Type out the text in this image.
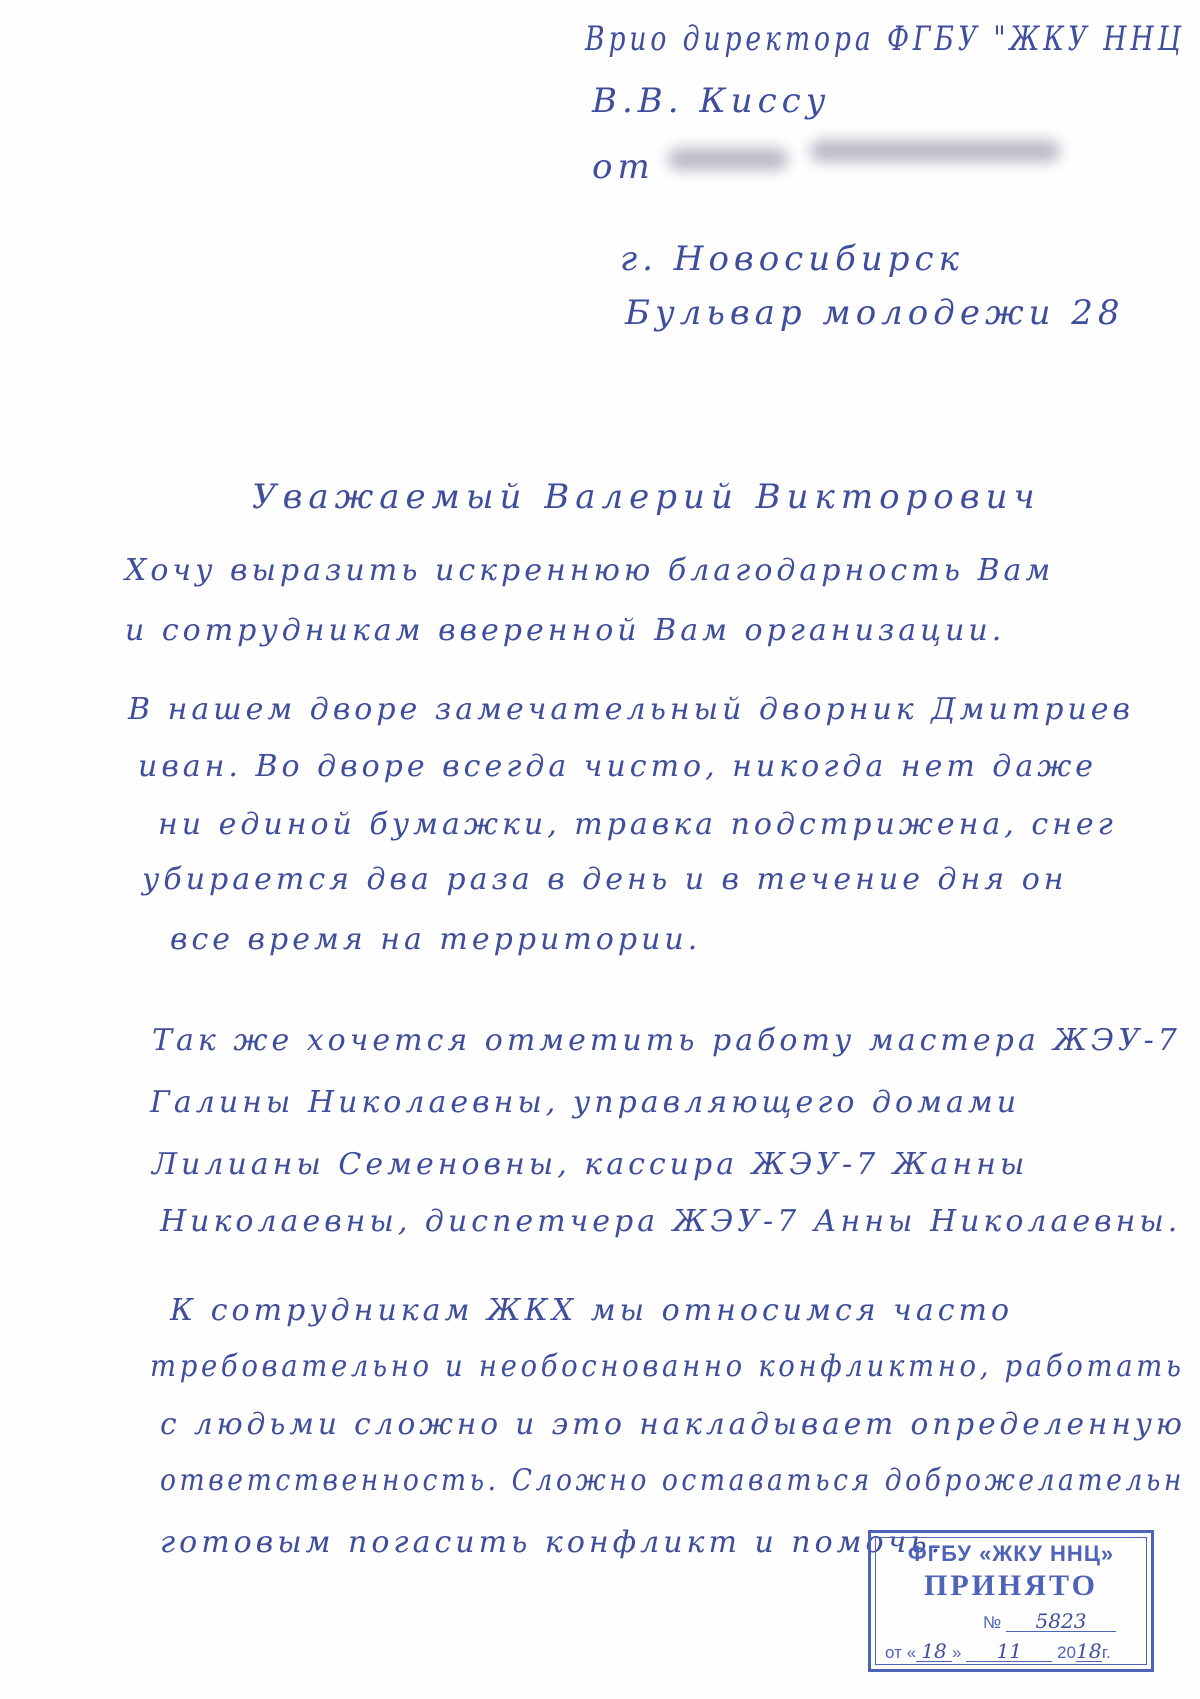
Врио директора ФГБУ "ЖКУ ННЦ
В.В. Киссу
от
г. Новосибирск
Бульвар молодежи 28
Уважаемый Валерий Викторович
Хочу выразить искреннюю благодарность Вам
и сотрудникам вверенной Вам организации.
В нашем дворе замечательный дворник Дмитриев
иван. Во дворе всегда чисто, никогда нет даже
ни единой бумажки, травка подстрижена, снег
убирается два раза в день и в течение дня он
все время на территории.
Так же хочется отметить работу мастера ЖЭУ-7
Галины Николаевны, управляющего домами
Лилианы Семеновны, кассира ЖЭУ-7 Жанны
Николаевны, диспетчера ЖЭУ-7 Анны Николаевны.
К сотрудникам ЖКХ мы относимся часто
требовательно и необоснованно конфликтно, работать
с людьми сложно и это накладывает определенную
ответственность. Сложно оставаться доброжелательн
готовым погасить конфликт и помочь.
ФГБУ «ЖКУ ННЦ»
ПРИНЯТО
№ 5823
от « 18 » 11 2018г.
